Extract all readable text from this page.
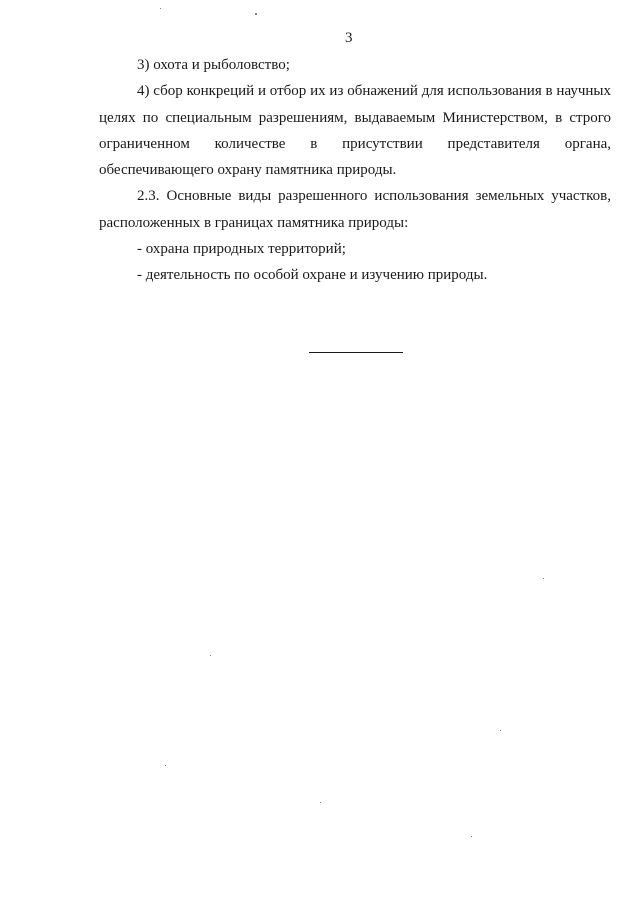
3

3) охота и рыболовство;

4) сбор конкреций и отбор их из обнажений для использования в научных целях по специальным разрешениям, выдаваемым Министерством, в строго ограниченном количестве в присутствии представителя органа, обеспечивающего охрану памятника природы.

2.3. Основные виды разрешенного использования земельных участков, расположенных в границах памятника природы:

- охрана природных территорий;

- деятельность по особой охране и изучению природы.
